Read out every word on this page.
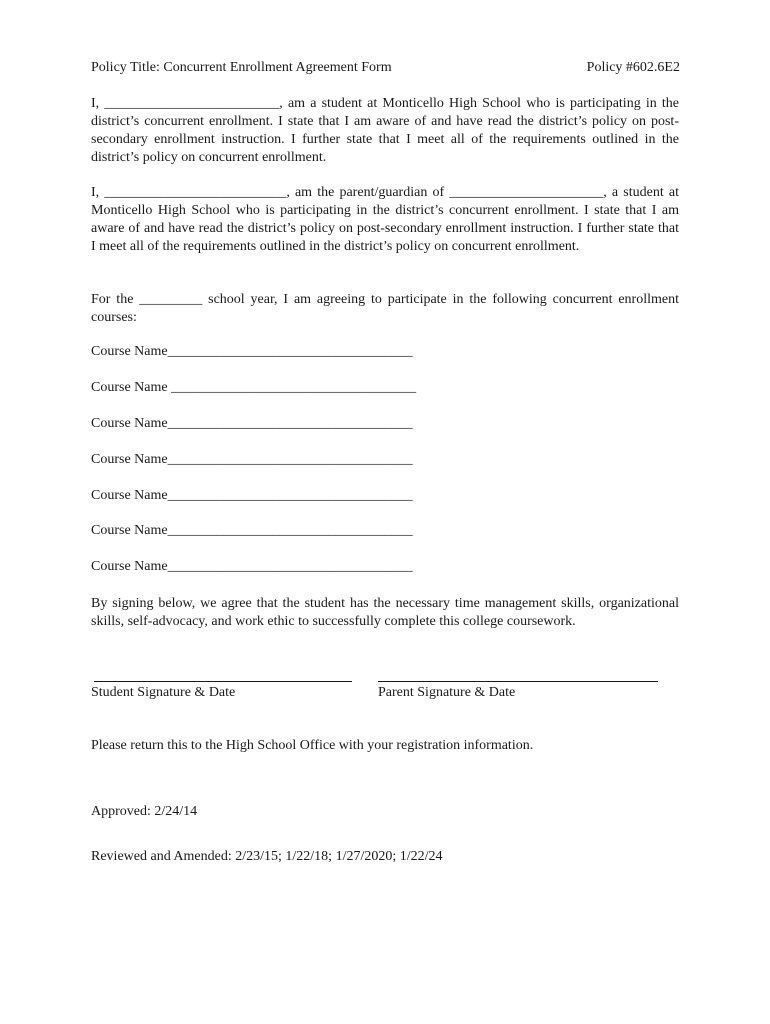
Policy Title: Concurrent Enrollment Agreement Form	Policy #602.6E2

I, _________________________, am a student at Monticello High School who is participating in the district’s concurrent enrollment. I state that I am aware of and have read the district’s policy on post-secondary enrollment instruction. I further state that I meet all of the requirements outlined in the district’s policy on concurrent enrollment.

I, __________________________, am the parent/guardian of ______________________, a student at Monticello High School who is participating in the district’s concurrent enrollment. I state that I am aware of and have read the district’s policy on post-secondary enrollment instruction. I further state that I meet all of the requirements outlined in the district’s policy on concurrent enrollment.

For the _________ school year, I am agreeing to participate in the following concurrent enrollment courses:

Course Name___________________________________
Course Name ___________________________________
Course Name___________________________________
Course Name___________________________________
Course Name___________________________________
Course Name___________________________________
Course Name___________________________________

By signing below, we agree that the student has the necessary time management skills, organizational skills, self-advocacy, and work ethic to successfully complete this college coursework.

Student Signature & Date	Parent Signature & Date
Please return this to the High School Office with your registration information.
Approved: 2/24/14
Reviewed and Amended: 2/23/15; 1/22/18; 1/27/2020; 1/22/24
